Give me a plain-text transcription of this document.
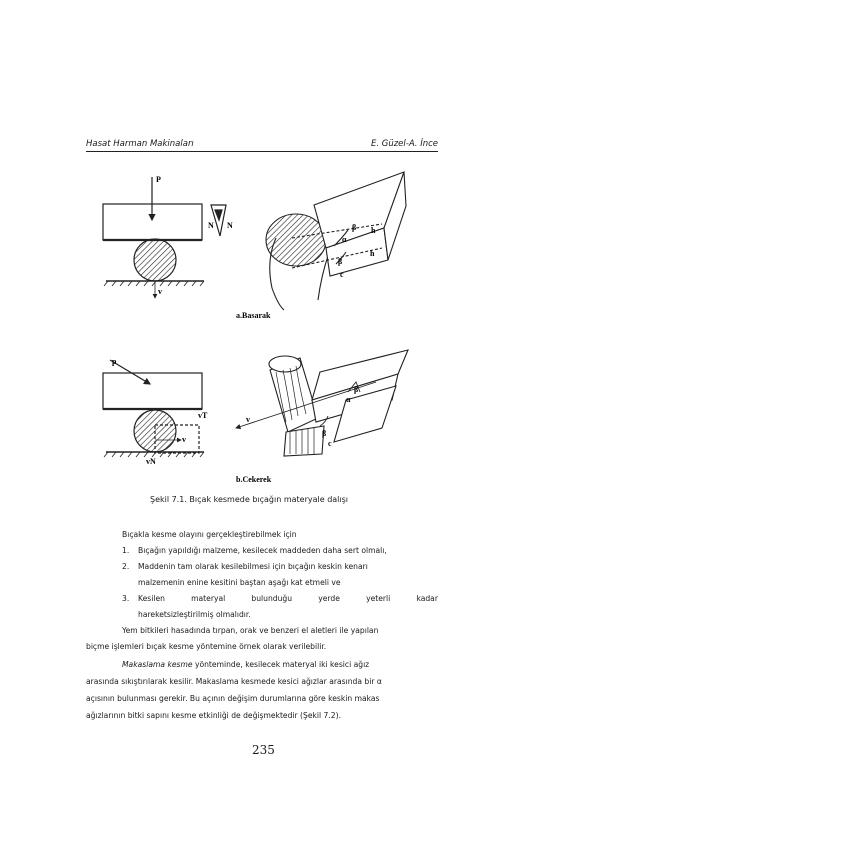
Hasat Harman Makinaları	E. Güzel-A. İnce
P
v
N N	β
α
β
h
h
c
a.Basarak
p
vT
vN
v
v
β
α
β
c
b.Cekerek
Şekil 7.1. Bıçak kesmede bıçağın materyale dalışı
Bıçakla kesme olayını gerçekleştirebilmek için
1. Bıçağın yapıldığı malzeme, kesilecek maddeden daha sert olmalı,
2. Maddenin tam olarak kesilebilmesi için bıçağın keskin kenarı
malzemenin enine kesitini baştan aşağı kat etmeli ve
3. Kesilen	materyal	bulunduğu	yerde	yeterli	kadar
hareketsizleştirilmiş olmalıdır.
Yem bitkileri hasadında tırpan, orak ve benzeri el aletleri ile yapılan
biçme işlemleri bıçak kesme yöntemine örnek olarak verilebilir.
Makaslama kesme yönteminde, kesilecek materyal iki kesici ağız
arasında sıkıştırılarak kesilir. Makaslama kesmede kesici ağızlar arasında bir α
açısının bulunması gerekir. Bu açının değişim durumlarına göre keskin makas
ağızlarının bitki sapını kesme etkinliği de değişmektedir (Şekil 7.2).
235
